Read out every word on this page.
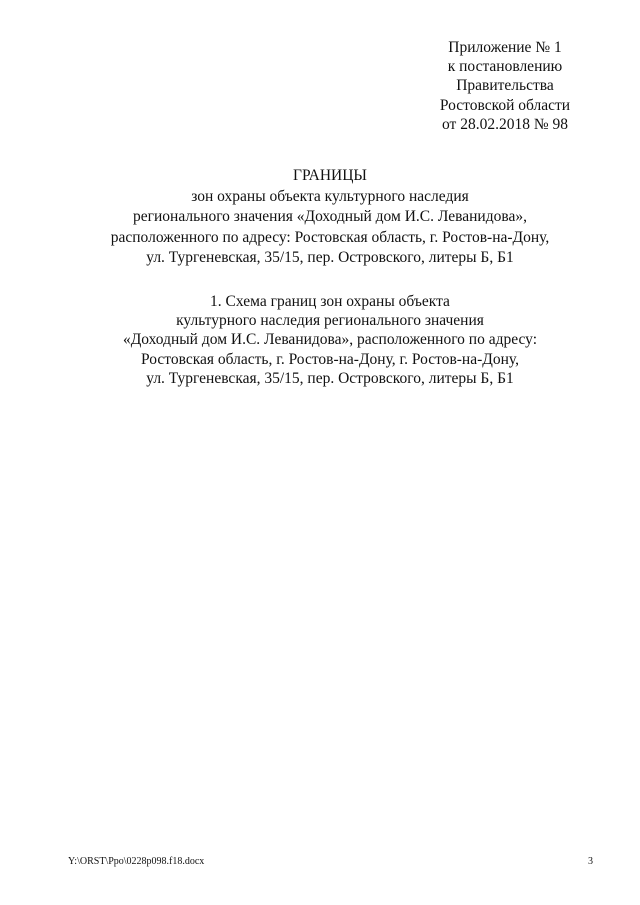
Приложение № 1
к постановлению
Правительства
Ростовской области
от 28.02.2018 № 98
ГРАНИЦЫ
зон охраны объекта культурного наследия
регионального значения «Доходный дом И.С. Леванидова»,
расположенного по адресу: Ростовская область, г. Ростов-на-Дону,
ул. Тургеневская, 35/15, пер. Островского, литеры Б, Б1
1. Схема границ зон охраны объекта
культурного наследия регионального значения
«Доходный дом И.С. Леванидова», расположенного по адресу:
Ростовская область, г. Ростов-на-Дону, г. Ростов-на-Дону,
ул. Тургеневская, 35/15, пер. Островского, литеры Б, Б1
Y:\ORST\Ppo\0228p098.f18.docx	3
